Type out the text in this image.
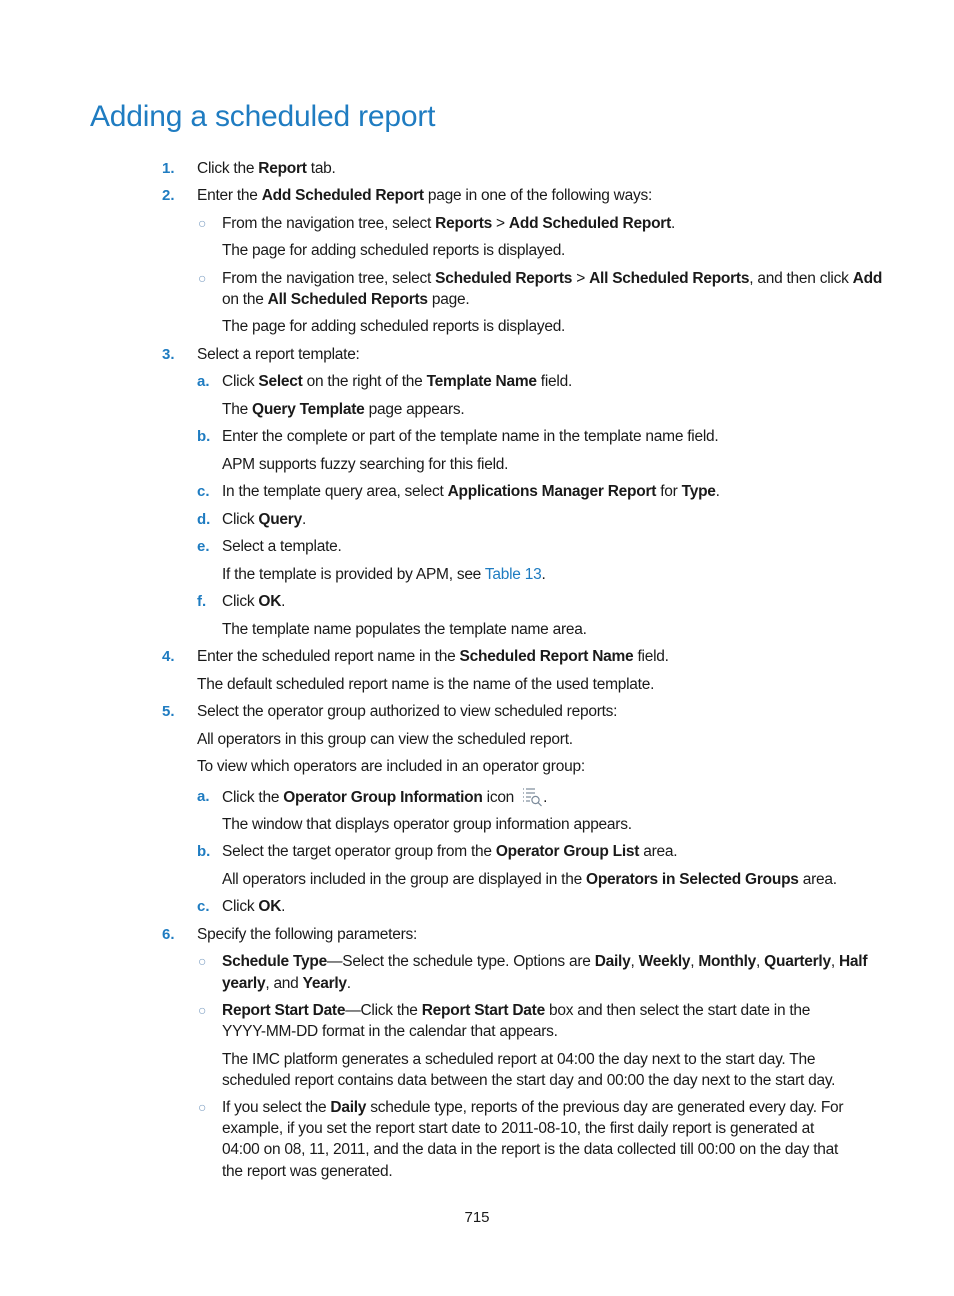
Adding a scheduled report
1. Click the Report tab.
2. Enter the Add Scheduled Report page in one of the following ways:
○ From the navigation tree, select Reports > Add Scheduled Report.
The page for adding scheduled reports is displayed.
○ From the navigation tree, select Scheduled Reports > All Scheduled Reports, and then click Add
on the All Scheduled Reports page.
The page for adding scheduled reports is displayed.
3. Select a report template:
a. Click Select on the right of the Template Name field.
The Query Template page appears.
b. Enter the complete or part of the template name in the template name field.
APM supports fuzzy searching for this field.
c. In the template query area, select Applications Manager Report for Type.
d. Click Query.
e. Select a template.
If the template is provided by APM, see Table 13.
f. Click OK.
The template name populates the template name area.
4. Enter the scheduled report name in the Scheduled Report Name field.
The default scheduled report name is the name of the used template.
5. Select the operator group authorized to view scheduled reports:
All operators in this group can view the scheduled report.
To view which operators are included in an operator group:
a. Click the Operator Group Information icon .
The window that displays operator group information appears.
b. Select the target operator group from the Operator Group List area.
All operators included in the group are displayed in the Operators in Selected Groups area.
c. Click OK.
6. Specify the following parameters:
○ Schedule Type—Select the schedule type. Options are Daily, Weekly, Monthly, Quarterly, Half
yearly, and Yearly.
○ Report Start Date—Click the Report Start Date box and then select the start date in the
YYYY-MM-DD format in the calendar that appears.
The IMC platform generates a scheduled report at 04:00 the day next to the start day. The
scheduled report contains data between the start day and 00:00 the day next to the start day.
○ If you select the Daily schedule type, reports of the previous day are generated every day. For
example, if you set the report start date to 2011-08-10, the first daily report is generated at
04:00 on 08, 11, 2011, and the data in the report is the data collected till 00:00 on the day that
the report was generated.
715
